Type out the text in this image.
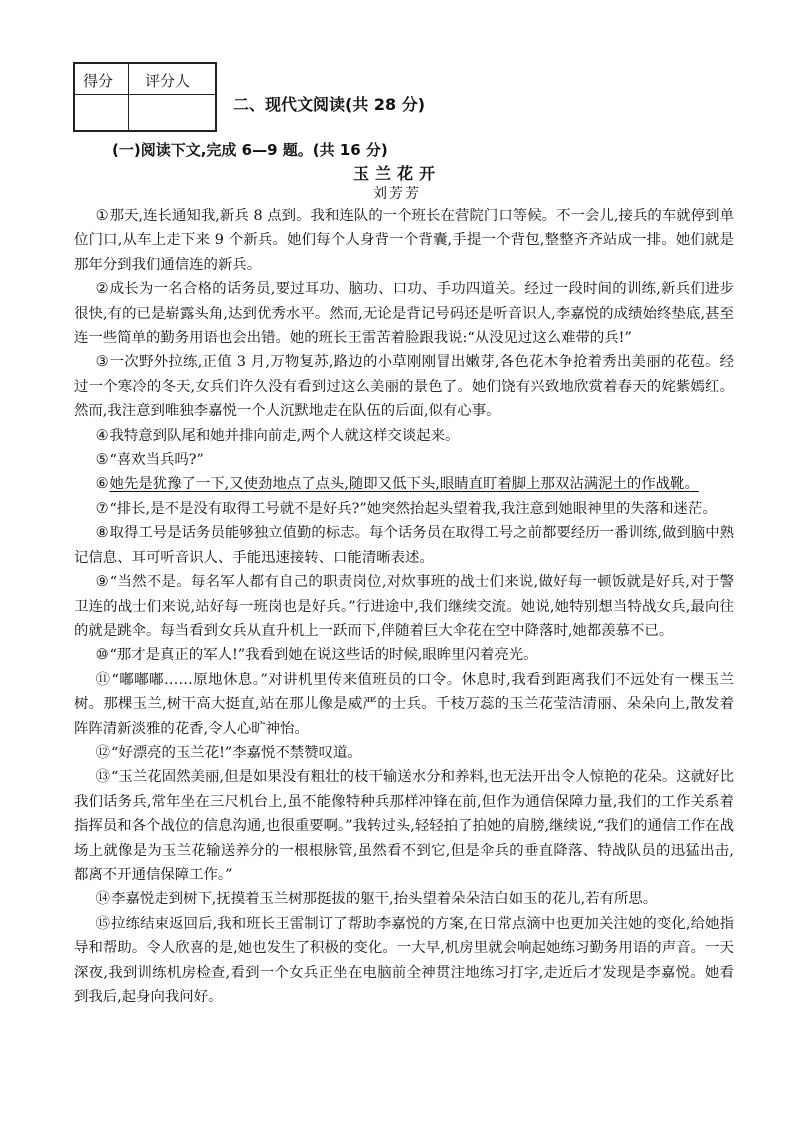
得分 评分人
二、现代文阅读(共 28 分)
(一)阅读下文,完成 6—9 题。(共 16 分)
玉兰花开
刘芳芳

①那天,连长通知我,新兵 8 点到。我和连队的一个班长在营院门口等候。不一会儿,接兵的车就停到单位门口,从车上走下来 9 个新兵。她们每个人身背一个背囊,手提一个背包,整整齐齐站成一排。她们就是那年分到我们通信连的新兵。

②成长为一名合格的话务员,要过耳功、脑功、口功、手功四道关。经过一段时间的训练,新兵们进步很快,有的已是崭露头角,达到优秀水平。然而,无论是背记号码还是听音识人,李嘉悦的成绩始终垫底,甚至连一些简单的勤务用语也会出错。她的班长王雷苦着脸跟我说:“从没见过这么难带的兵!”

③一次野外拉练,正值 3 月,万物复苏,路边的小草刚刚冒出嫩芽,各色花木争抢着秀出美丽的花苞。经过一个寒冷的冬天,女兵们许久没有看到过这么美丽的景色了。她们饶有兴致地欣赏着春天的姹紫嫣红。然而,我注意到唯独李嘉悦一个人沉默地走在队伍的后面,似有心事。

④我特意到队尾和她并排向前走,两个人就这样交谈起来。

⑤“喜欢当兵吗?”

⑥她先是犹豫了一下,又使劲地点了点头,随即又低下头,眼睛直盯着脚上那双沾满泥土的作战靴。

⑦“排长,是不是没有取得工号就不是好兵?”她突然抬起头望着我,我注意到她眼神里的失落和迷茫。

⑧取得工号是话务员能够独立值勤的标志。每个话务员在取得工号之前都要经历一番训练,做到脑中熟记信息、耳可听音识人、手能迅速接转、口能清晰表述。

⑨“当然不是。每名军人都有自己的职责岗位,对炊事班的战士们来说,做好每一顿饭就是好兵,对于警卫连的战士们来说,站好每一班岗也是好兵。”行进途中,我们继续交流。她说,她特别想当特战女兵,最向往的就是跳伞。每当看到女兵从直升机上一跃而下,伴随着巨大伞花在空中降落时,她都羡慕不已。

⑩“那才是真正的军人!”我看到她在说这些话的时候,眼眸里闪着亮光。

⑪“嘟嘟嘟……原地休息。”对讲机里传来值班员的口令。休息时,我看到距离我们不远处有一棵玉兰树。那棵玉兰,树干高大挺直,站在那儿像是威严的士兵。千枝万蕊的玉兰花莹洁清丽、朵朵向上,散发着阵阵清新淡雅的花香,令人心旷神怡。

⑫“好漂亮的玉兰花!”李嘉悦不禁赞叹道。

⑬“玉兰花固然美丽,但是如果没有粗壮的枝干输送水分和养料,也无法开出令人惊艳的花朵。这就好比我们话务兵,常年坐在三尺机台上,虽不能像特种兵那样冲锋在前,但作为通信保障力量,我们的工作关系着指挥员和各个战位的信息沟通,也很重要啊。”我转过头,轻轻拍了拍她的肩膀,继续说,“我们的通信工作在战场上就像是为玉兰花输送养分的一根根脉管,虽然看不到它,但是伞兵的垂直降落、特战队员的迅猛出击,都离不开通信保障工作。”

⑭李嘉悦走到树下,抚摸着玉兰树那挺拔的躯干,抬头望着朵朵洁白如玉的花儿,若有所思。

⑮拉练结束返回后,我和班长王雷制订了帮助李嘉悦的方案,在日常点滴中也更加关注她的变化,给她指导和帮助。令人欣喜的是,她也发生了积极的变化。一大早,机房里就会响起她练习勤务用语的声音。一天深夜,我到训练机房检查,看到一个女兵正坐在电脑前全神贯注地练习打字,走近后才发现是李嘉悦。她看到我后,起身向我问好。
